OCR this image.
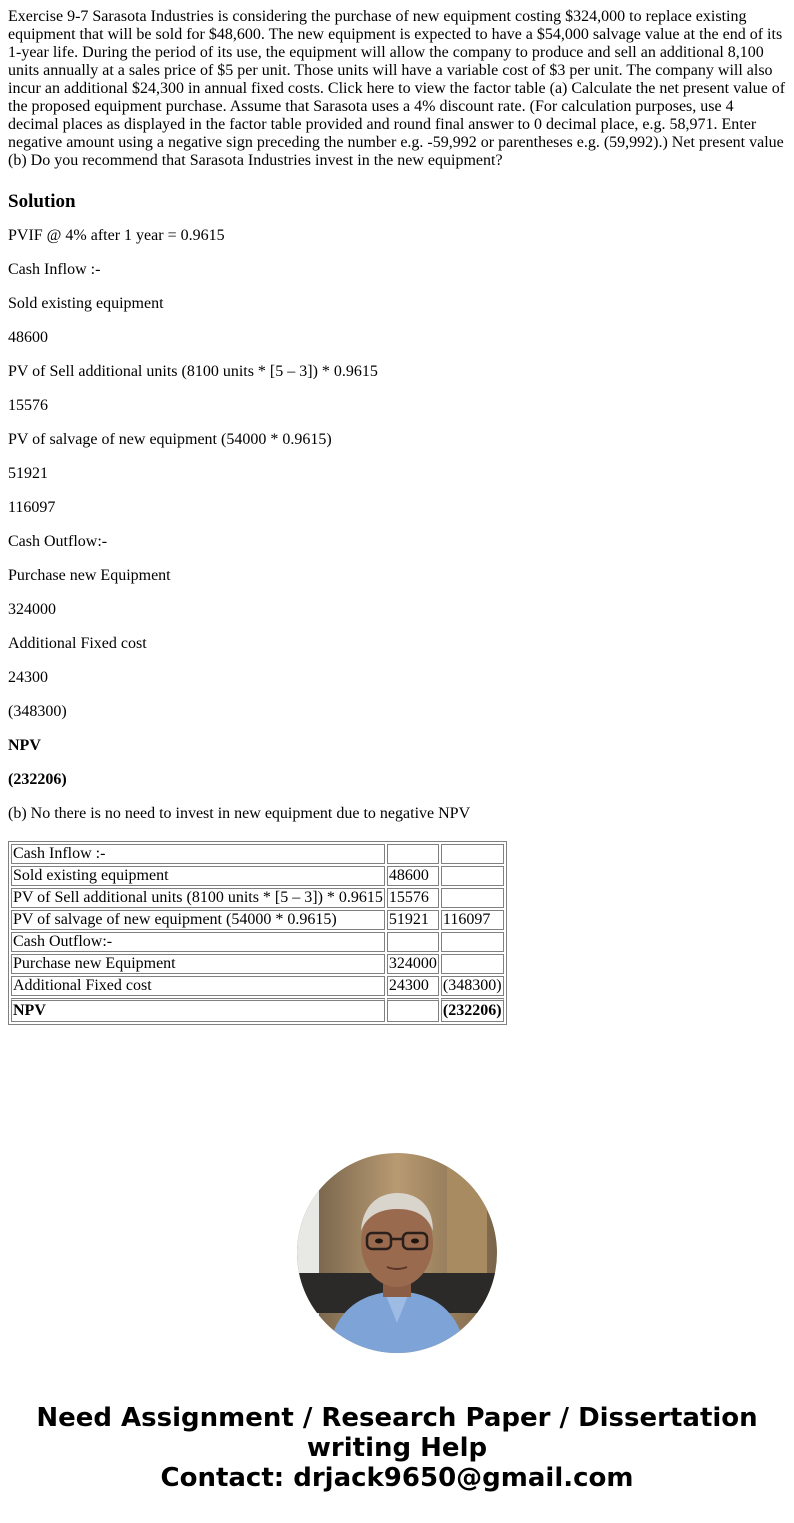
Exercise 9-7 Sarasota Industries is considering the purchase of new equipment costing $324,000 to replace existing equipment that will be sold for $48,600. The new equipment is expected to have a $54,000 salvage value at the end of its 1-year life. During the period of its use, the equipment will allow the company to produce and sell an additional 8,100 units annually at a sales price of $5 per unit. Those units will have a variable cost of $3 per unit. The company will also incur an additional $24,300 in annual fixed costs. Click here to view the factor table (a) Calculate the net present value of the proposed equipment purchase. Assume that Sarasota uses a 4% discount rate. (For calculation purposes, use 4 decimal places as displayed in the factor table provided and round final answer to 0 decimal place, e.g. 58,971. Enter negative amount using a negative sign preceding the number e.g. -59,992 or parentheses e.g. (59,992).) Net present value (b) Do you recommend that Sarasota Industries invest in the new equipment?

Solution

PVIF @ 4% after 1 year = 0.9615

Cash Inflow :-

Sold existing equipment

48600

PV of Sell additional units (8100 units * [5 – 3]) * 0.9615

15576

PV of salvage of new equipment (54000 * 0.9615)

51921

116097

Cash Outflow:-

Purchase new Equipment

324000

Additional Fixed cost

24300

(348300)

NPV

(232206)

(b) No there is no need to invest in new equipment due to negative NPV

Cash Inflow :-		
Sold existing equipment	48600	
PV of Sell additional units (8100 units * [5 – 3]) * 0.9615	15576	
PV of salvage of new equipment (54000 * 0.9615)	51921	116097
Cash Outflow:-		
Purchase new Equipment	324000	
Additional Fixed cost	24300	(348300)
NPV		(232206)
Need Assignment / Research Paper / Dissertation
writing Help
Contact: drjack9650@gmail.com
